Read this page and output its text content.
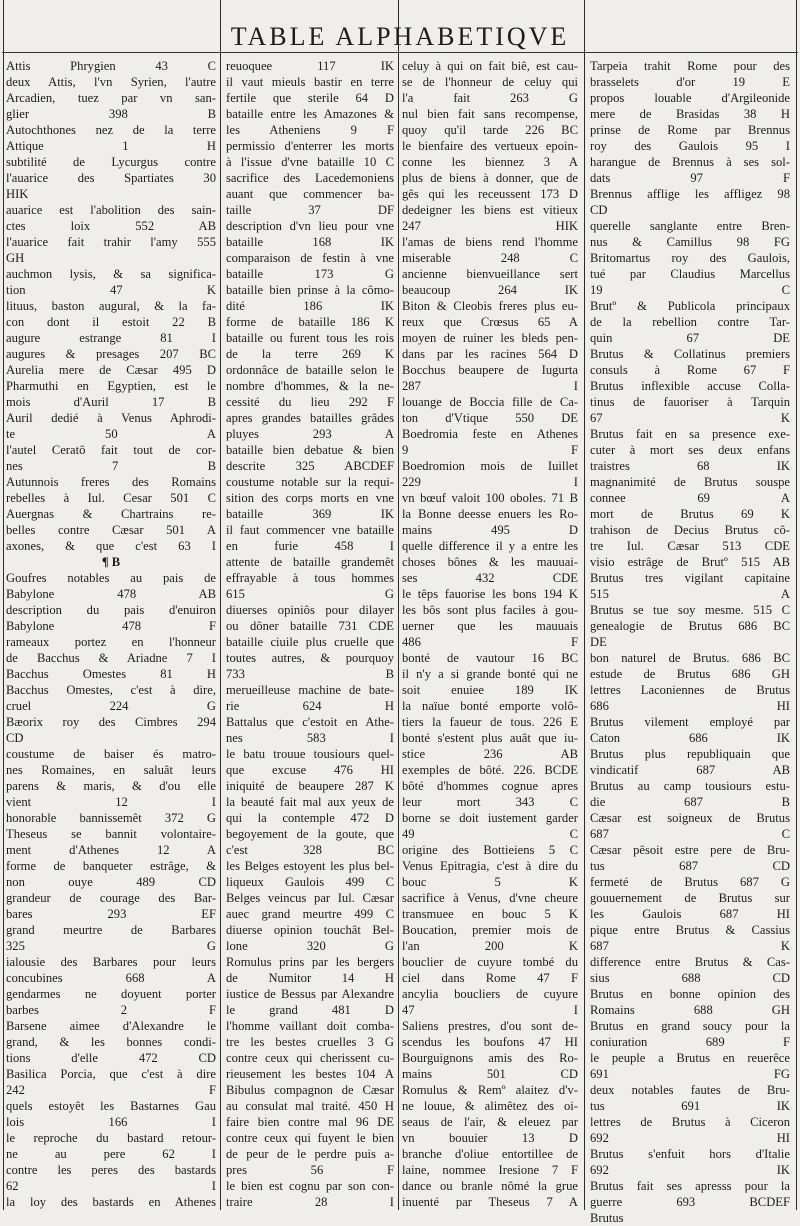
TABLE ALPHABETIQVE

Attis Phrygien 43 C

deux Attis, l'vn Syrien, l'autre

Arcadien, tuez par vn san-

glier 398 B

Autochthones nez de la terre

Attique 1 H

subtilité de Lycurgus contre

l'auarice des Spartiates 30

HIK

auarice est l'abolition des sain-

ctes loix 552 AB

l'auarice fait trahir l'amy 555

GH

auchmon lysis, & sa significa-

tion 47 K

lituus, baston augural, & la fa-

con dont il estoit 22 B

augure estrange 81 I

augures & presages 207 BC

Aurelia mere de Cæsar 495 D

Pharmuthi en Egyptien, est le

mois d'Auril 17 B

Auril dedié à Venus Aphrodi-

te 50 A

l'autel Ceratô fait tout de cor-

nes 7 B

Autunnois freres des Romains

rebelles à Iul. Cesar 501 C

Auergnas & Chartrains re-

belles contre Cæsar 501 A

axones, & que c'est 63 I

¶ B

Goufres notables au pais de

Babylone 478 AB

description du pais d'enuiron

Babylone 478 F

rameaux portez en l'honneur

de Bacchus & Ariadne 7 I

Bacchus Omestes 81 H

Bacchus Omestes, c'est à dire,

cruel 224 G

Bæorix roy des Cimbres 294

CD

coustume de baiser és matro-

nes Romaines, en saluât leurs

parens & maris, & d'ou elle

vient 12 I

honorable bannissemêt 372 G

Theseus se bannit volontaire-

ment d'Athenes 12 A

forme de banqueter estrâge, &

non ouye 489 CD

grandeur de courage des Bar-

bares 293 EF

grand meurtre de Barbares

325 G

ialousie des Barbares pour leurs

concubines 668 A

gendarmes ne doyuent porter

barbes 2 F

Barsene aimee d'Alexandre le

grand, & les bonnes condi-

tions d'elle 472 CD

Basilica Porcia, que c'est à dire

242 F

quels estoyêt les Bastarnes Gau

lois 166 I

le reproche du bastard retour-

ne au pere 62 I

contre les peres des bastards

62 I

la loy des bastards en Athenes

reuoquee 117 IK

il vaut mieuls bastir en terre

fertile que sterile 64 D

bataille entre les Amazones &

les Atheniens 9 F

permissio d'enterrer les morts

à l'issue d'vne bataille 10 C

sacrifice des Lacedemoniens

auant que commencer ba-

taille 37 DF

description d'vn lieu pour vne

bataille 168 IK

comparaison de festin à vne

bataille 173 G

bataille bien prinse à la cômo-

dité 186 IK

forme de bataille 186 K

bataille ou furent tous les rois

de la terre 269 K

ordonnâce de bataille selon le

nombre d'hommes, & la ne-

cessité du lieu 292 F

apres grandes batailles grâdes

pluyes 293 A

bataille bien debatue & bien

descrite 325 ABCDEF

coustume notable sur la requi-

sition des corps morts en vne

bataille 369 IK

il faut commencer vne bataille

en furie 458 I

attente de bataille grandemêt

effrayable à tous hommes

615 G

diuerses opiniôs pour dilayer

ou dôner bataille 731 CDE

bataille ciuile plus cruelle que

toutes autres, & pourquoy

733 B

merueilleuse machine de bate-

rie 624 H

Battalus que c'estoit en Athe-

nes 583 I

le batu trouue tousiours quel-

que excuse 476 HI

iniquité de beaupere 287 K

la beauté fait mal aux yeux de

qui la contemple 472 D

begoyement de la goute, que

c'est 328 BC

les Belges estoyent les plus bel-

liqueux Gaulois 499 C

Belges veincus par Iul. Cæsar

auec grand meurtre 499 C

diuerse opinion touchât Bel-

lone 320 G

Romulus prins par les bergers

de Numitor 14 H

iustice de Bessus par Alexandre

le grand 481 D

l'homme vaillant doit comba-

tre les bestes cruelles 3 G

contre ceux qui cherissent cu-

rieusement les bestes 104 A

Bibulus compagnon de Cæsar

au consulat mal traité. 450 H

faire bien contre mal 96 DE

contre ceux qui fuyent le bien

de peur de le perdre puis a-

pres 56 F

le bien est cognu par son con-

traire 28 I

celuy à qui on fait biê, est cau-

se de l'honneur de celuy qui

l'a fait 263 G

nul bien fait sans recompense,

quoy qu'il tarde 226 BC

le bienfaire des vertueux epoin-

conne les biennez 3 A

plus de biens à donner, que de

gês qui les receussent 173 D

dedeigner les biens est vitieux

247 HIK

l'amas de biens rend l'homme

miserable 248 C

ancienne bienvueillance sert

beaucoup 264 IK

Biton & Cleobis freres plus eu-

reux que Crœsus 65 A

moyen de ruiner les bleds pen-

dans par les racines 564 D

Bocchus beaupere de Iugurta

287 I

louange de Boccia fille de Ca-

ton d'Vtique 550 DE

Boedromia feste en Athenes

9 F

Boedromion mois de Iuillet

229 I

vn bœuf valoit 100 oboles. 71 B

la Bonne deesse enuers les Ro-

mains 495 D

quelle difference il y a entre les

choses bônes & les mauuai-

ses 432 CDE

le têps fauorise les bons 194 K

les bôs sont plus faciles à gou-

uerner que les mauuais

486 F

bonté de vautour 16 BC

il n'y a si grande bonté qui ne

soit enuiee 189 IK

la naïue bonté emporte volô-

tiers la faueur de tous. 226 E

bonté s'estent plus auât que iu-

stice 236 AB

exemples de bôté. 226. BCDE

bôté d'hommes cognue apres

leur mort 343 C

borne se doit iustement garder

49 C

origine des Bottieiens 5 C

Venus Epitragia, c'est à dire du

bouc 5 K

sacrifice à Venus, d'vne cheure

transmuee en bouc 5 K

Boucation, premier mois de

l'an 200 K

bouclier de cuyure tombé du

ciel dans Rome 47 F

ancylia boucliers de cuyure

47 I

Saliens prestres, d'ou sont de-

scendus les boufons 47 HI

Bourguignons amis des Ro-

mains 501 CD

Romulus & Remº alaitez d'v-

ne louue, & alimêtez des oi-

seaus de l'air, & eleuez par

vn bouuier 13 D

branche d'oliue entortillee de

laine, nommee Iresione 7 F

dance ou branle nômé la grue

inuenté par Theseus 7 A

Tarpeia trahit Rome pour des

brasselets d'or 19 E

propos louable d'Argileonide

mere de Brasidas 38 H

prinse de Rome par Brennus

roy des Gaulois 95 I

harangue de Brennus à ses sol-

dats 97 F

Brennus afflige les affligez 98

CD

querelle sanglante entre Bren-

nus & Camillus 98 FG

Britomartus roy des Gaulois,

tué par Claudius Marcellus

19 C

Brutº & Publicola principaux

de la rebellion contre Tar-

quin 67 DE

Brutus & Collatinus premiers

consuls à Rome 67 F

Brutus inflexible accuse Colla-

tinus de fauoriser à Tarquin

67 K

Brutus fait en sa presence exe-

cuter à mort ses deux enfans

traistres 68 IK

magnanimité de Brutus souspe

connee 69 A

mort de Brutus 69 K

trahison de Decius Brutus cô-

tre Iul. Cæsar 513 CDE

visio estrâge de Brutº 515 AB

Brutus tres vigilant capitaine

515 A

Brutus se tue soy mesme. 515 C

genealogie de Brutus 686 BC

DE

bon naturel de Brutus. 686 BC

estude de Brutus 686 GH

lettres Laconiennes de Brutus

686 HI

Brutus vilement employé par

Caton 686 IK

Brutus plus republiquain que

vindicatif 687 AB

Brutus au camp tousiours estu-

die 687 B

Cæsar est soigneux de Brutus

687 C

Cæsar pêsoit estre pere de Bru-

tus 687 CD

fermeté de Brutus 687 G

gouuernement de Brutus sur

les Gaulois 687 HI

pique entre Brutus & Cassius

687 K

difference entre Brutus & Cas-

sius 688 CD

Brutus en bonne opinion des

Romains 688 GH

Brutus en grand soucy pour la

coniuration 689 F

le peuple a Brutus en reuerêce

691 FG

deux notables fautes de Bru-

tus 691 IK

lettres de Brutus à Ciceron

692 HI

Brutus s'enfuit hors d'Italie

692 IK

Brutus fait ses apresss pour la

guerre 693 BCDEF

Brutus
